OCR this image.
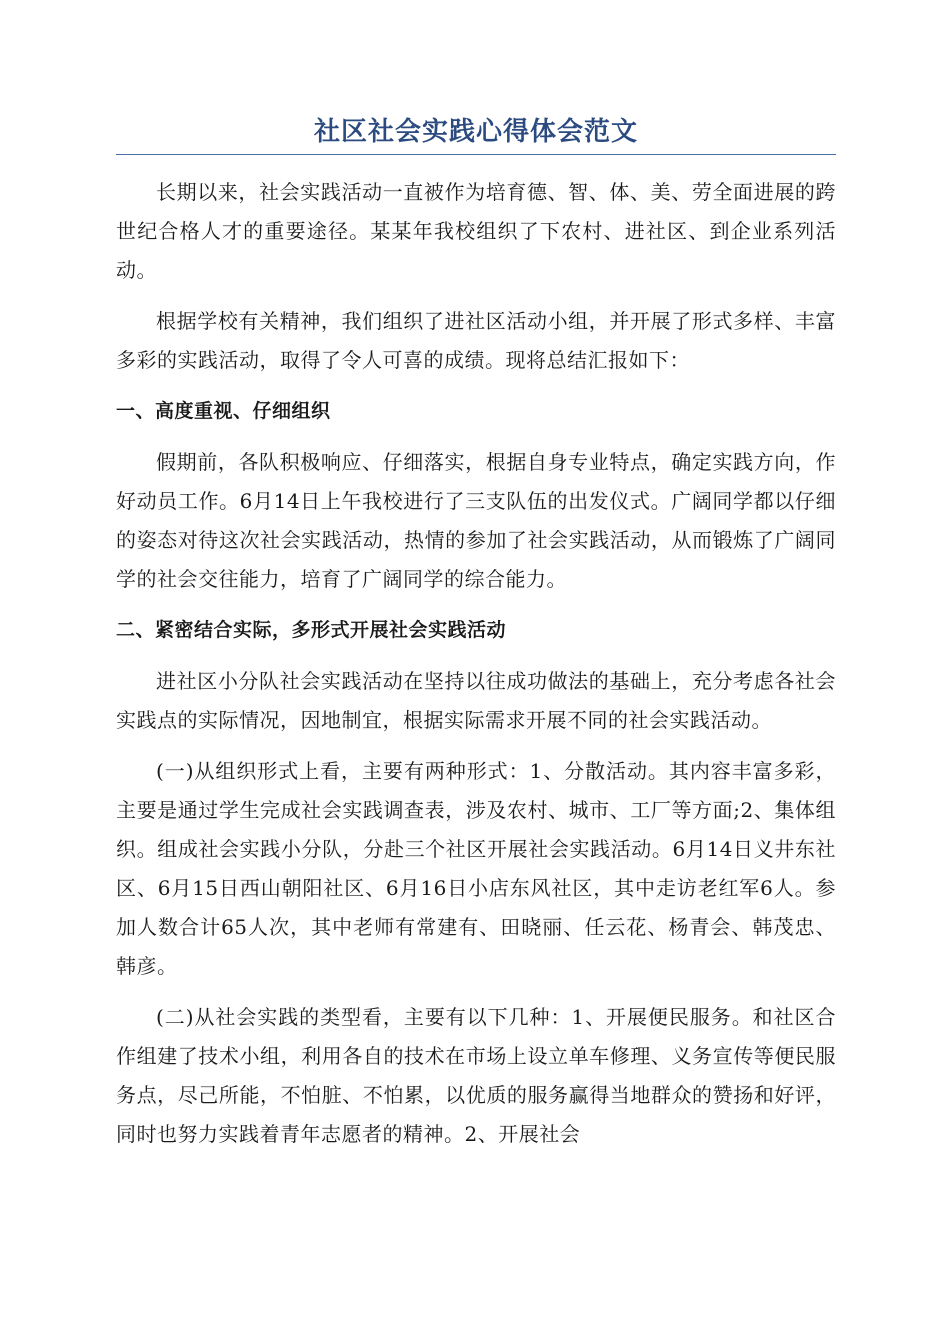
社区社会实践心得体会范文

长期以来，社会实践活动一直被作为培育德、智、体、美、劳全面进展的跨世纪合格人才的重要途径。某某年我校组织了下农村、进社区、到企业系列活动。

根据学校有关精神，我们组织了进社区活动小组，并开展了形式多样、丰富多彩的实践活动，取得了令人可喜的成绩。现将总结汇报如下：

一、高度重视、仔细组织

假期前，各队积极响应、仔细落实，根据自身专业特点，确定实践方向，作好动员工作。6月14日上午我校进行了三支队伍的出发仪式。广阔同学都以仔细的姿态对待这次社会实践活动，热情的参加了社会实践活动，从而锻炼了广阔同学的社会交往能力，培育了广阔同学的综合能力。

二、紧密结合实际，多形式开展社会实践活动

进社区小分队社会实践活动在坚持以往成功做法的基础上，充分考虑各社会实践点的实际情况，因地制宜，根据实际需求开展不同的社会实践活动。

(一)从组织形式上看，主要有两种形式：1、分散活动。其内容丰富多彩，主要是通过学生完成社会实践调查表，涉及农村、城市、工厂等方面;2、集体组织。组成社会实践小分队，分赴三个社区开展社会实践活动。6月14日义井东社区、6月15日西山朝阳社区、6月16日小店东风社区，其中走访老红军6人。参加人数合计65人次，其中老师有常建有、田晓丽、任云花、杨青会、韩茂忠、韩彦。

(二)从社会实践的类型看，主要有以下几种：1、开展便民服务。和社区合作组建了技术小组，利用各自的技术在市场上设立单车修理、义务宣传等便民服务点，尽己所能，不怕脏、不怕累，以优质的服务赢得当地群众的赞扬和好评，同时也努力实践着青年志愿者的精神。2、开展社会
